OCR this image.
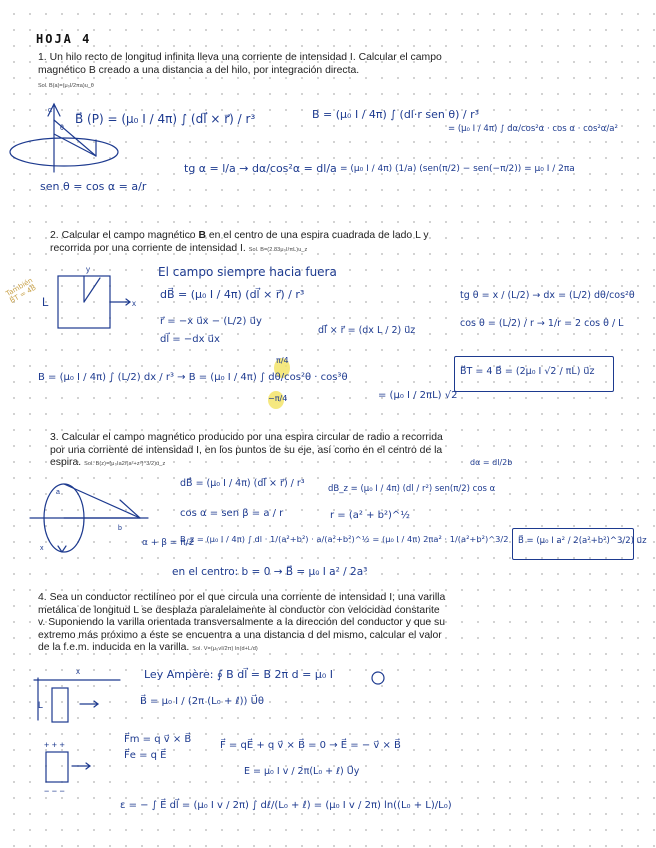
HOJA 4
1. Un hilo recto de longitud infinita lleva una corriente de intensidad I. Calcular el campo magnético B creado a una distancia a del hilo, por integración directa.
Sol. B(a)=(μ₀I/2πa)u_θ
θ
α
B⃗ (P) = (μ₀ I / 4π) ∫ (dl⃗ × r⃗) / r³	B = (μ₀ I / 4π) ∫ (dl·r sen θ) / r³
= (μ₀ I / 4π) ∫ dα/cos²α · cos α · cos²α/a²
tg α = l/a → dα/cos²α = dl/a
sen θ = cos α = a/r
= (μ₀ I / 4π) (1/a) (sen(π/2) − sen(−π/2)) = μ₀ I / 2πa
2. Calcular el campo magnético B en el centro de una espira cuadrada de lado L y recorrida por una corriente de intensidad I. Sol. B=(2.83μ₀I/πL)u_z
También B⃗T = 4B⃗ L	x
y	El campo siempre hacia fuera
dB⃗ = (μ₀ I / 4π) (dl⃗ × r⃗) / r³
r⃗ = −x u⃗x − (L/2) u⃗y
dl⃗ = −dx u⃗x
dl⃗ × r⃗ = (dx L / 2) u⃗z
tg θ = x / (L/2) → dx = (L/2) dθ/cos²θ
cos θ = (L/2) / r → 1/r = 2 cos θ / L
B = (μ₀ I / 4π) ∫ (L/2) dx / r³ → B = (μ₀ I / 4π) ∫ dθ/cos²θ · cos³θ
π/4
−π/4	= (μ₀ I / 2πL) √2
B⃗T = 4 B⃗ = (2μ₀ I √2 / πL) u⃗z
3. Calcular el campo magnético producido por una espira circular de radio a recorrida por una corriente de intensidad I, en los puntos de su eje, así como en el centro de la espira. Sol. B(z)=(μ₀Ia2/(a²+z²)^3/2)u_z
b
x
a
dα = dl/2b
dB⃗ = (μ₀ I / 4π) (dl⃗ × r⃗) / r³	dB_z = (μ₀ I / 4π) (dl / r²) sen(π/2) cos α
cos α = sen β = a / r	r = (a² + b²)^½
α + β = π/2
B_z = (μ₀ I / 4π) ∫ dl · 1/(a²+b²) · a/(a²+b²)^½ = (μ₀ I / 4π) 2πa² · 1/(a²+b²)^3/2 B⃗ = (μ₀ I a² / 2(a²+b²)^3/2) u⃗z
en el centro: b = 0 → B⃗ = μ₀ I a² / 2a³
4. Sea un conductor rectilíneo por el que circula una corriente de intensidad I; una varilla metálica de longitud L se desplaza paralelamente al conductor con velocidad constante v. Suponiendo la varilla orientada transversalmente a la dirección del conductor y que su extremo más próximo a éste se encuentra a una distancia d del mismo, calcular el valor de la f.e.m. inducida en la varilla. Sol. V=(μ₀vI/2π) ln(d+L/d)
L
x
+ + +
− − −
Ley Ampère: ∮ B dl⃗ = B 2π d = μ₀ I
B⃗ = μ₀ I / (2π (L₀ + ℓ)) U⃗θ
F⃗m = q v⃗ × B⃗
F⃗e = q E⃗
F⃗ = qE⃗ + q v⃗ × B⃗ = 0 → E⃗ = − v⃗ × B⃗
E = μ₀ I v / 2π(L₀ + ℓ) U⃗y
ε = − ∫ E⃗ dl⃗ = (μ₀ I v / 2π) ∫ dℓ/(L₀ + ℓ) = (μ₀ I v / 2π) ln((L₀ + L)/L₀)
